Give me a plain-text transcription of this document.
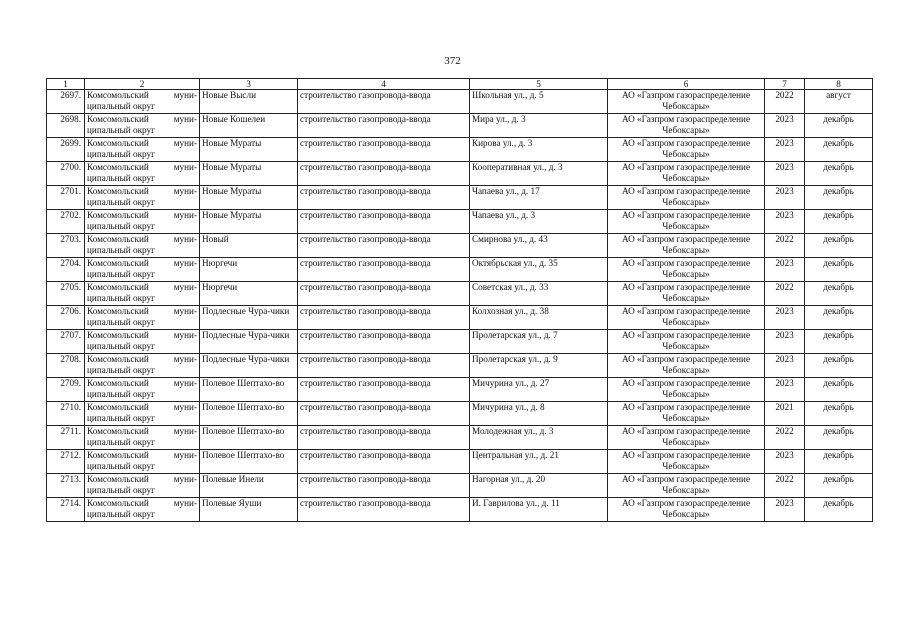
372
1	2	3	4	5	6	7	8
2697.	Комсомольский муни-ципальный округ	Новые Высли	строительство газопровода-ввода	Школьная ул., д. 5	АО «Газпром газораспределение Чебоксары»	2022	август
2698.	Комсомольский муни-ципальный округ	Новые Кошелеи	строительство газопровода-ввода	Мира ул., д. 3	АО «Газпром газораспределение Чебоксары»	2023	декабрь
2699.	Комсомольский муни-ципальный округ	Новые Мураты	строительство газопровода-ввода	Кирова ул., д. 3	АО «Газпром газораспределение Чебоксары»	2023	декабрь
2700.	Комсомольский муни-ципальный округ	Новые Мураты	строительство газопровода-ввода	Кооперативная ул., д. 3	АО «Газпром газораспределение Чебоксары»	2023	декабрь
2701.	Комсомольский муни-ципальный округ	Новые Мураты	строительство газопровода-ввода	Чапаева ул., д. 17	АО «Газпром газораспределение Чебоксары»	2023	декабрь
2702.	Комсомольский муни-ципальный округ	Новые Мураты	строительство газопровода-ввода	Чапаева ул., д. 3	АО «Газпром газораспределение Чебоксары»	2023	декабрь
2703.	Комсомольский муни-ципальный округ	Новый	строительство газопровода-ввода	Смирнова ул., д. 43	АО «Газпром газораспределение Чебоксары»	2022	декабрь
2704.	Комсомольский муни-ципальный округ	Нюргечи	строительство газопровода-ввода	Октябрьская ул., д. 35	АО «Газпром газораспределение Чебоксары»	2023	декабрь
2705.	Комсомольский муни-ципальный округ	Нюргечи	строительство газопровода-ввода	Советская ул., д. 33	АО «Газпром газораспределение Чебоксары»	2022	декабрь
2706.	Комсомольский муни-ципальный округ	Подлесные Чура-чики	строительство газопровода-ввода	Колхозная ул., д. 38	АО «Газпром газораспределение Чебоксары»	2023	декабрь
2707.	Комсомольский муни-ципальный округ	Подлесные Чура-чики	строительство газопровода-ввода	Пролетарская ул., д. 7	АО «Газпром газораспределение Чебоксары»	2023	декабрь
2708.	Комсомольский муни-ципальный округ	Подлесные Чура-чики	строительство газопровода-ввода	Пролетарская ул., д. 9	АО «Газпром газораспределение Чебоксары»	2023	декабрь
2709.	Комсомольский муни-ципальный округ	Полевое Шептахо-во	строительство газопровода-ввода	Мичурина ул., д. 27	АО «Газпром газораспределение Чебоксары»	2023	декабрь
2710.	Комсомольский муни-ципальный округ	Полевое Шептахо-во	строительство газопровода-ввода	Мичурина ул., д. 8	АО «Газпром газораспределение Чебоксары»	2021	декабрь
2711.	Комсомольский муни-ципальный округ	Полевое Шептахо-во	строительство газопровода-ввода	Молодежная ул., д. 3	АО «Газпром газораспределение Чебоксары»	2022	декабрь
2712.	Комсомольский муни-ципальный округ	Полевое Шептахо-во	строительство газопровода-ввода	Центральная ул., д. 21	АО «Газпром газораспределение Чебоксары»	2023	декабрь
2713.	Комсомольский муни-ципальный округ	Полевые Инели	строительство газопровода-ввода	Нагорная ул., д. 20	АО «Газпром газораспределение Чебоксары»	2022	декабрь
2714.	Комсомольский муни-ципальный округ	Полевые Яуши	строительство газопровода-ввода	И. Гаврилова ул., д. 11	АО «Газпром газораспределение Чебоксары»	2023	декабрь
